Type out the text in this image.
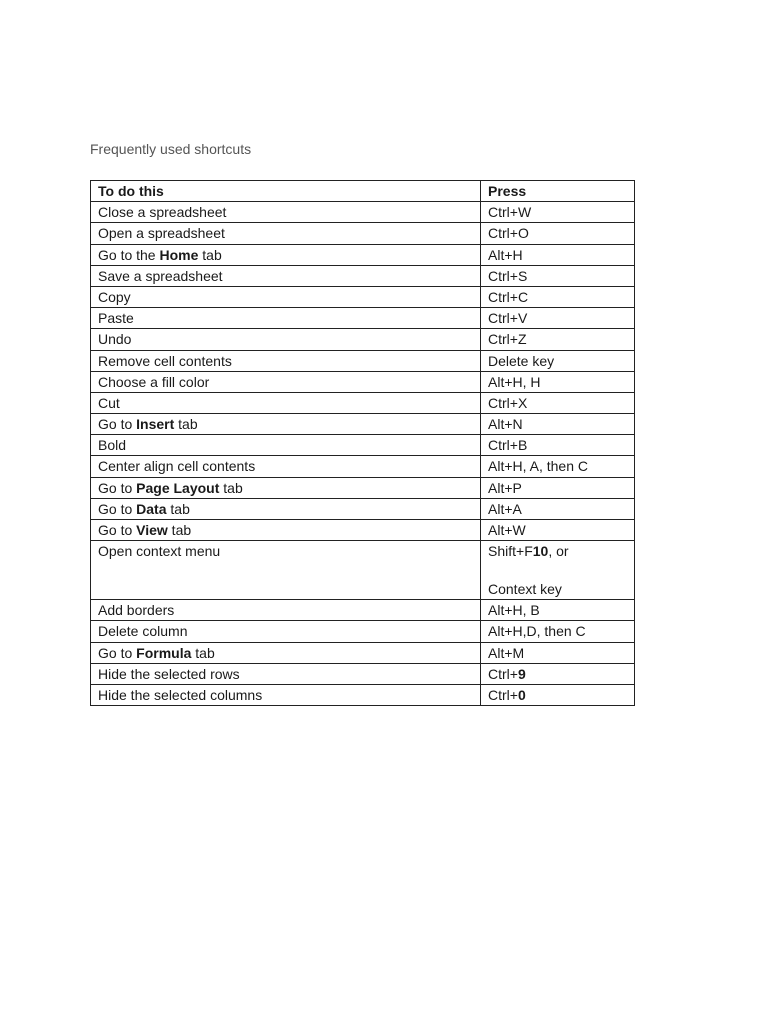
Frequently used shortcuts
To do this	Press
Close a spreadsheet	Ctrl+W

Open a spreadsheet	Ctrl+O

Go to the Home tab	Alt+H

Save a spreadsheet	Ctrl+S

Copy	Ctrl+C

Paste	Ctrl+V

Undo	Ctrl+Z

Remove cell contents	Delete key

Choose a fill color	Alt+H, H

Cut	Ctrl+X

Go to Insert tab	Alt+N

Bold	Ctrl+B

Center align cell contents	Alt+H, A, then C

Go to Page Layout tab	Alt+P

Go to Data tab	Alt+A

Go to View tab	Alt+W

Open context menu	Shift+F10, or
Context key

Add borders	Alt+H, B

Delete column	Alt+H,D, then C

Go to Formula tab	Alt+M

Hide the selected rows	Ctrl+9

Hide the selected columns	Ctrl+0
